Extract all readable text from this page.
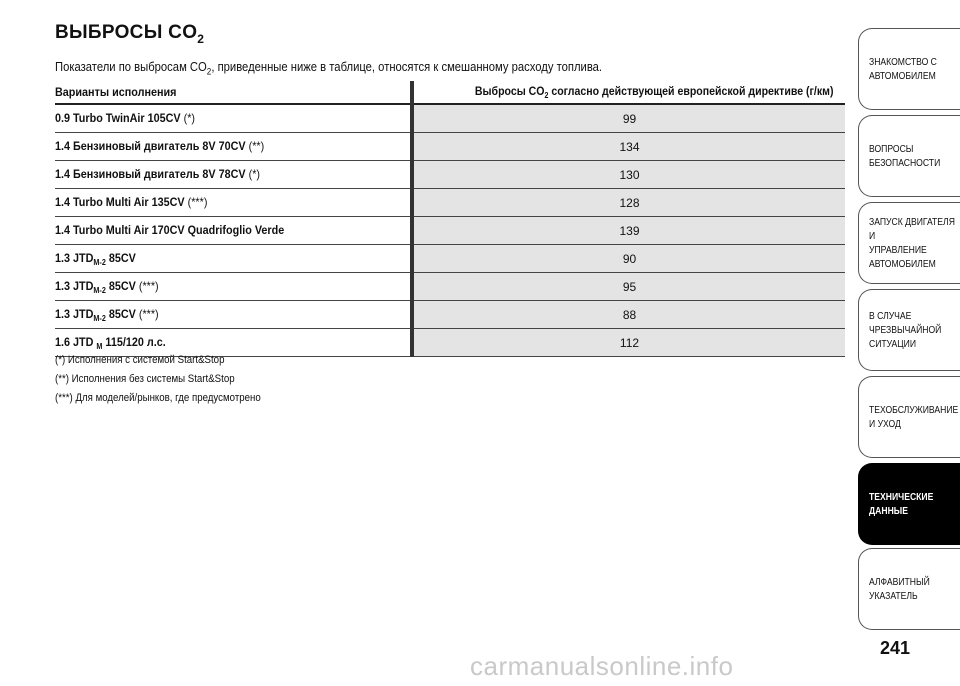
ВЫБРОСЫ $CO_2$
Показатели по выбросам $CO_2$, приведенные ниже в таблице, относятся к смешанному расходу топлива.
Варианты исполнения	Выбросы $CO_2$ согласно действующей европейской директиве (г/км)
0.9 Turbo TwinAir 105CV (*)	99
1.4 Бензиновый двигатель 8V 70CV (**)	134
1.4 Бензиновый двигатель 8V 78CV (*)	130
1.4 Turbo Multi Air 135CV (***)	128
1.4 Turbo Multi Air 170CV Quadrifoglio Verde	139
1.3 $JTD_{M-2}$ 85CV	90
1.3 $JTD_{M-2}$ 85CV (***)	95
1.3 $JTD_{M-2}$ 85CV (***)	88
1.6 JTD $_M$ 115/120 л.с.	112
(*) Исполнения с системой Start&Stop
(**) Исполнения без системы Start&Stop
(***) Для моделей/рынков, где предусмотрено
ЗНАКОМСТВО С
АВТОМОБИЛЕМ
ВОПРОСЫ
БЕЗОПАСНОСТИ
ЗАПУСК ДВИГАТЕЛЯ И
УПРАВЛЕНИЕ
АВТОМОБИЛЕМ
В СЛУЧАЕ
ЧРЕЗВЫЧАЙНОЙ
СИТУАЦИИ
ТЕХОБСЛУЖИВАНИЕ
И УХОД
ТЕХНИЧЕСКИЕ
ДАННЫЕ
АЛФАВИТНЫЙ
УКАЗАТЕЛЬ
241
carmanualsonline.info
